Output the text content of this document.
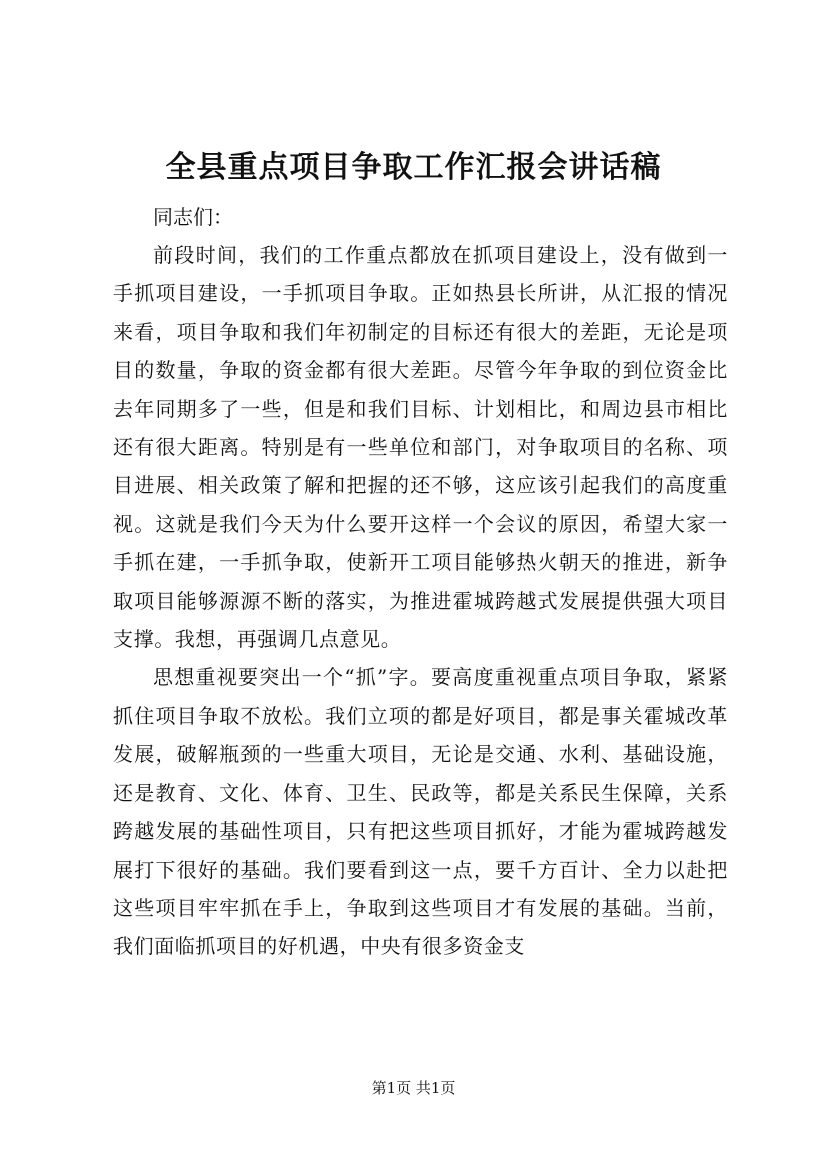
全县重点项目争取工作汇报会讲话稿

同志们：

前段时间，我们的工作重点都放在抓项目建设上，没有做到一手抓项目建设，一手抓项目争取。正如热县长所讲，从汇报的情况来看，项目争取和我们年初制定的目标还有很大的差距，无论是项目的数量，争取的资金都有很大差距。尽管今年争取的到位资金比去年同期多了一些，但是和我们目标、计划相比，和周边县市相比还有很大距离。特别是有一些单位和部门，对争取项目的名称、项目进展、相关政策了解和把握的还不够，这应该引起我们的高度重视。这就是我们今天为什么要开这样一个会议的原因，希望大家一手抓在建，一手抓争取，使新开工项目能够热火朝天的推进，新争取项目能够源源不断的落实，为推进霍城跨越式发展提供强大项目支撑。我想，再强调几点意见。

思想重视要突出一个“抓”字。要高度重视重点项目争取，紧紧抓住项目争取不放松。我们立项的都是好项目，都是事关霍城改革发展，破解瓶颈的一些重大项目，无论是交通、水利、基础设施，还是教育、文化、体育、卫生、民政等，都是关系民生保障，关系跨越发展的基础性项目，只有把这些项目抓好，才能为霍城跨越发展打下很好的基础。我们要看到这一点，要千方百计、全力以赴把这些项目牢牢抓在手上，争取到这些项目才有发展的基础。当前，我们面临抓项目的好机遇，中央有很多资金支

第1页 共1页
